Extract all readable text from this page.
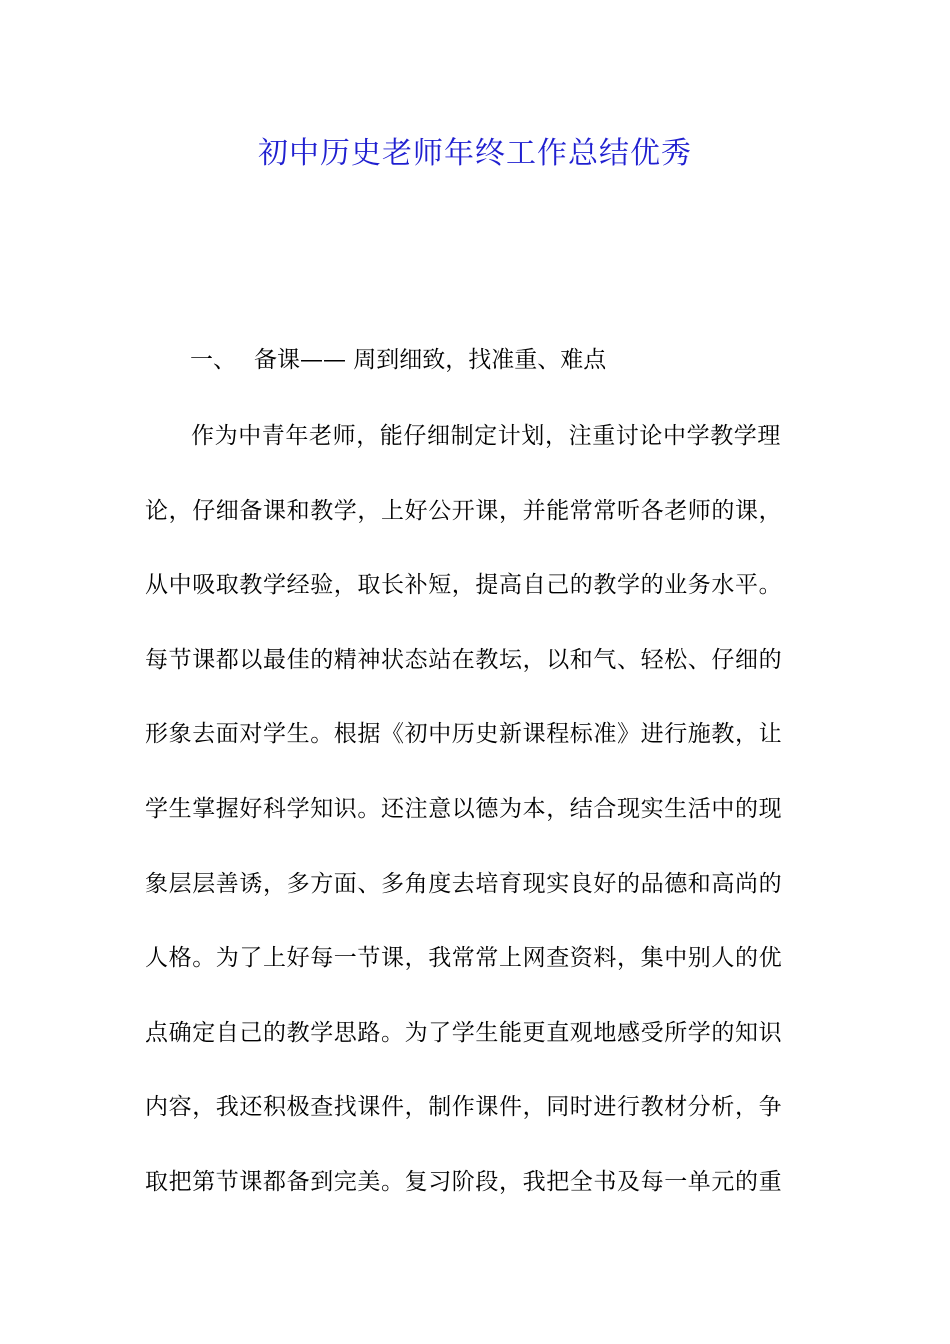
初中历史老师年终工作总结优秀
一、 备课—— 周到细致，找准重、难点
作为中青年老师，能仔细制定计划，注重讨论中学教学理
论，仔细备课和教学，上好公开课，并能常常听各老师的课，
从中吸取教学经验，取长补短，提高自己的教学的业务水平。
每节课都以最佳的精神状态站在教坛，以和气、轻松、仔细的
形象去面对学生。根据《初中历史新课程标准》进行施教，让
学生掌握好科学知识。还注意以德为本，结合现实生活中的现
象层层善诱，多方面、多角度去培育现实良好的品德和高尚的
人格。为了上好每一节课，我常常上网查资料，集中别人的优
点确定自己的教学思路。为了学生能更直观地感受所学的知识
内容，我还积极查找课件，制作课件，同时进行教材分析，争
取把第节课都备到完美。复习阶段，我把全书及每一单元的重
